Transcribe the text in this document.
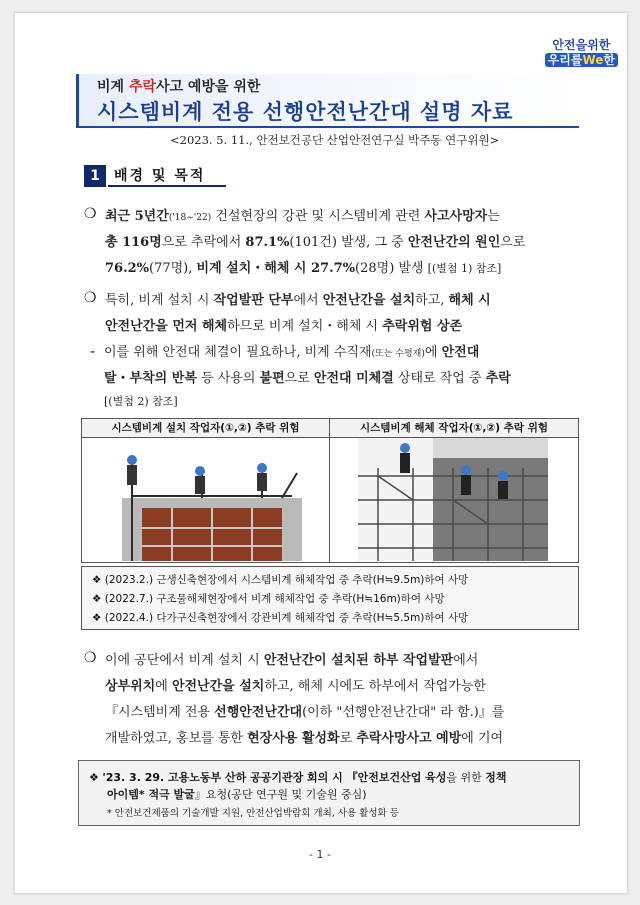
안전을위한
우리를We한
비계 추락사고 예방을 위한
시스템비계 전용 선행안전난간대 설명 자료
<2023. 5. 11., 안전보건공단 산업안전연구실 박주동 연구위원>
1	배경 및 목적
❍ 최근 5년간('18~'22) 건설현장의 강관 및 시스템비계 관련 사고사망자는
총 116명으로 추락에서 87.1%(101건) 발생, 그 중 안전난간의 원인으로
76.2%(77명), 비계 설치・해체 시 27.7%(28명) 발생 [(별첨 1) 참조]
❍ 특히, 비계 설치 시 작업발판 단부에서 안전난간을 설치하고, 해체 시
안전난간을 먼저 해체하므로 비계 설치・해체 시 추락위험 상존
- 이를 위해 안전대 체결이 필요하나, 비계 수직재(또는 수평재)에 안전대
탈・부착의 반복 등 사용의 불편으로 안전대 미체결 상태로 작업 중 추락
[(별첨 2) 참조]
시스템비계 설치 작업자(①,②) 추락 위험	시스템비계 해체 작업자(①,②) 추락 위험
❖ (2023.2.) 근생신축현장에서 시스템비계 해체작업 중 추락(H≒9.5m)하여 사망
❖ (2022.7.) 구조물해체현장에서 비계 해체작업 중 추락(H≒16m)하여 사망
❖ (2022.4.) 다가구신축현장에서 강관비계 해체작업 중 추락(H≒5.5m)하여 사망
❍ 이에 공단에서 비계 설치 시 안전난간이 설치된 하부 작업발판에서
상부위치에 안전난간을 설치하고, 해체 시에도 하부에서 작업가능한
『시스템비계 전용 선행안전난간대(이하 "선행안전난간대" 라 함.)』를
개발하였고, 홍보를 통한 현장사용 활성화로 추락사망사고 예방에 기여
❖ '23. 3. 29. 고용노동부 산하 공공기관장 회의 시 『안전보건산업 육성을 위한 정책
아이템* 적극 발굴』요청(공단 연구원 및 기술원 중심)
* 안전보건제품의 기술개발 지원, 안전산업박람회 개최, 사용 활성화 등
- 1 -
